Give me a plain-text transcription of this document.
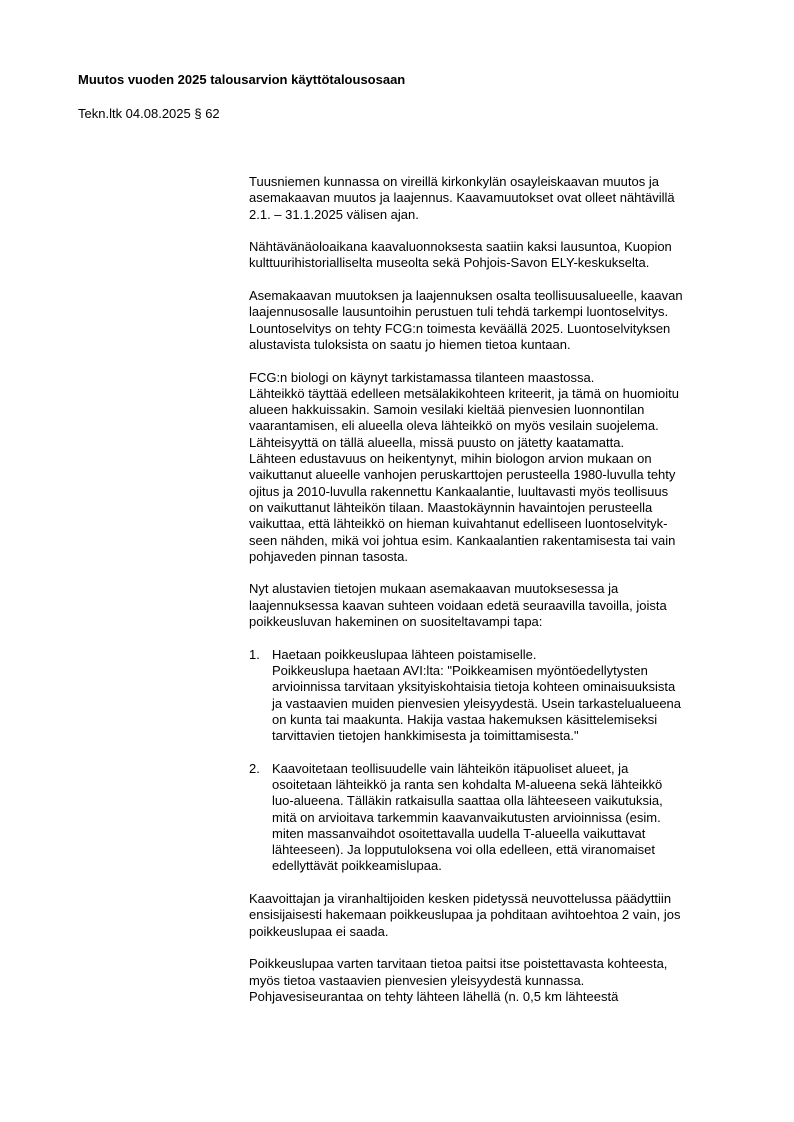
Muutos vuoden 2025 talousarvion käyttötalousosaan

Tekn.ltk 04.08.2025 § 62

Tuusniemen kunnassa on vireillä kirkonkylän osayleiskaavan muutos ja
asemakaavan muutos ja laajennus. Kaavamuutokset ovat olleet nähtävillä
2.1. – 31.1.2025 välisen ajan.

Nähtävänäoloaikana kaavaluonnoksesta saatiin kaksi lausuntoa, Kuopion
kulttuurihistorialliselta museolta sekä Pohjois-Savon ELY-keskukselta.

Asemakaavan muutoksen ja laajennuksen osalta teollisuusalueelle, kaavan
laajennusosalle lausuntoihin perustuen tuli tehdä tarkempi luontoselvitys.
Lountoselvitys on tehty FCG:n toimesta keväällä 2025. Luontoselvityksen
alustavista tuloksista on saatu jo hiemen tietoa kuntaan.

FCG:n biologi on käynyt tarkistamassa tilanteen maastossa.
Lähteikkö täyttää edelleen metsälakikohteen kriteerit, ja tämä on huomioitu
alueen hakkuissakin. Samoin vesilaki kieltää pienvesien luonnontilan
vaarantamisen, eli alueella oleva lähteikkö on myös vesilain suojelema.
Lähteisyyttä on tällä alueella, missä puusto on jätetty kaatamatta.
Lähteen edustavuus on heikentynyt, mihin biologon arvion mukaan on
vaikuttanut alueelle vanhojen peruskarttojen perusteella 1980-luvulla tehty
ojitus ja 2010-luvulla rakennettu Kankaalantie, luultavasti myös teollisuus
on vaikuttanut lähteikön tilaan. Maastokäynnin havaintojen perusteella
vaikuttaa, että lähteikkö on hieman kuivahtanut edelliseen luontoselvityk-
seen nähden, mikä voi johtua esim. Kankaalantien rakentamisesta tai vain
pohjaveden pinnan tasosta.

Nyt alustavien tietojen mukaan asemakaavan muutoksesessa ja
laajennuksessa kaavan suhteen voidaan edetä seuraavilla tavoilla, joista
poikkeusluvan hakeminen on suositeltavampi tapa:

1. Haetaan poikkeuslupaa lähteen poistamiselle.
Poikkeuslupa haetaan AVI:lta: "Poikkeamisen myöntöedellytysten
arvioinnissa tarvitaan yksityiskohtaisia tietoja kohteen ominaisuuksista
ja vastaavien muiden pienvesien yleisyydestä. Usein tarkastelualueena
on kunta tai maakunta. Hakija vastaa hakemuksen käsittelemiseksi
tarvittavien tietojen hankkimisesta ja toimittamisesta."
2. Kaavoitetaan teollisuudelle vain lähteikön itäpuoliset alueet, ja
osoitetaan lähteikkö ja ranta sen kohdalta M-alueena sekä lähteikkö
luo-alueena. Tälläkin ratkaisulla saattaa olla lähteeseen vaikutuksia,
mitä on arvioitava tarkemmin kaavanvaikutusten arvioinnissa (esim.
miten massanvaihdot osoitettavalla uudella T-alueella vaikuttavat
lähteeseen). Ja lopputuloksena voi olla edelleen, että viranomaiset
edellyttävät poikkeamislupaa.

Kaavoittajan ja viranhaltijoiden kesken pidetyssä neuvottelussa päädyttiin
ensisijaisesti hakemaan poikkeuslupaa ja pohditaan avihtoehtoa 2 vain, jos
poikkeuslupaa ei saada.

Poikkeuslupaa varten tarvitaan tietoa paitsi itse poistettavasta kohteesta,
myös tietoa vastaavien pienvesien yleisyydestä kunnassa.
Pohjavesiseurantaa on tehty lähteen lähellä (n. 0,5 km lähteestä
